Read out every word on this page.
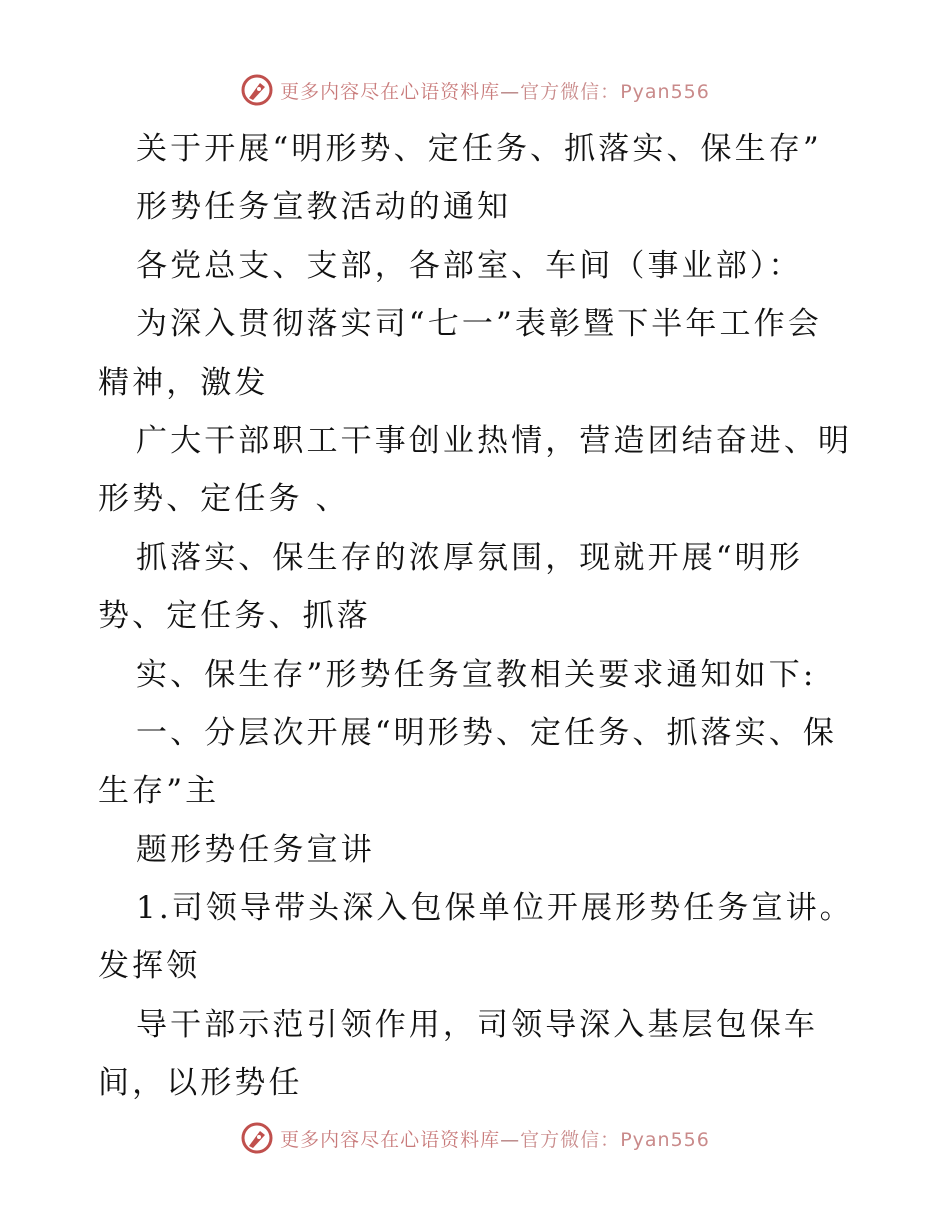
更多内容尽在心语资料库—官方微信：Pyan556
关于开展“明形势、定任务、抓落实、保生存”
形势任务宣教活动的通知
各党总支、支部，各部室、车间（事业部）：
为深入贯彻落实司“七一”表彰暨下半年工作会
精神，激发
广大干部职工干事创业热情，营造团结奋进、明
形势、定任务 、
抓落实、保生存的浓厚氛围，现就开展“明形
势、定任务、抓落
实、保生存”形势任务宣教相关要求通知如下:
一、分层次开展“明形势、定任务、抓落实、保
生存”主
题形势任务宣讲
1.司领导带头深入包保单位开展形势任务宣讲。
发挥领
导干部示范引领作用，司领导深入基层包保车
间，以形势任
更多内容尽在心语资料库—官方微信：Pyan556
